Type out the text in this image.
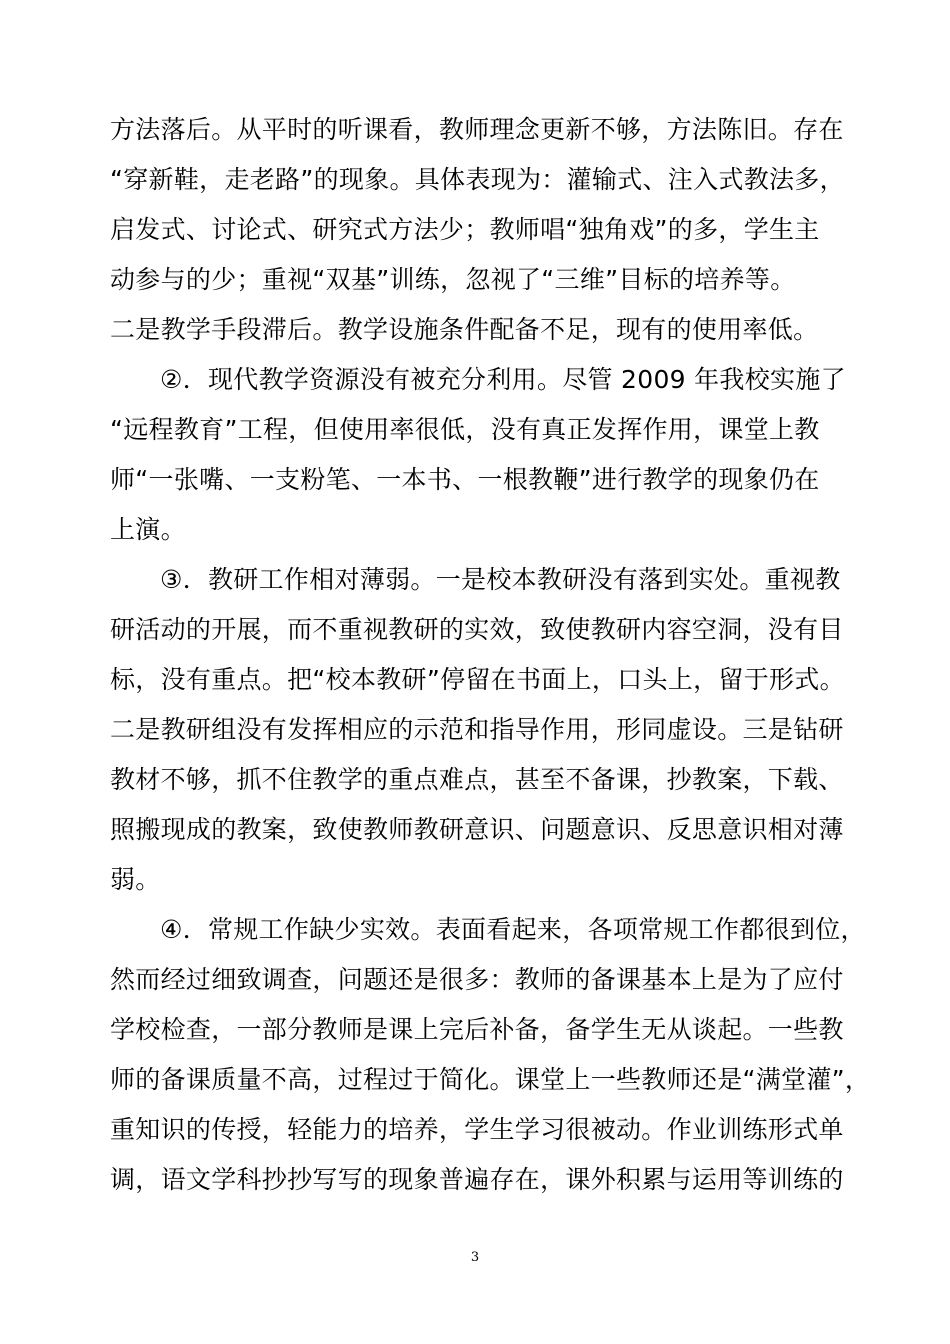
方法落后。从平时的听课看，教师理念更新不够，方法陈旧。存在
“穿新鞋，走老路”的现象。具体表现为：灌输式、注入式教法多，
启发式、讨论式、研究式方法少；教师唱“独角戏”的多，学生主
动参与的少；重视“双基”训练，忽视了“三维”目标的培养等。
二是教学手段滞后。教学设施条件配备不足，现有的使用率低。
②．现代教学资源没有被充分利用。尽管 2009 年我校实施了
“远程教育”工程，但使用率很低，没有真正发挥作用，课堂上教
师“一张嘴、一支粉笔、一本书、一根教鞭”进行教学的现象仍在
上演。
③．教研工作相对薄弱。一是校本教研没有落到实处。重视教
研活动的开展，而不重视教研的实效，致使教研内容空洞，没有目
标，没有重点。把“校本教研”停留在书面上，口头上，留于形式。
二是教研组没有发挥相应的示范和指导作用，形同虚设。三是钻研
教材不够，抓不住教学的重点难点，甚至不备课，抄教案，下载、
照搬现成的教案，致使教师教研意识、问题意识、反思意识相对薄
弱。
④．常规工作缺少实效。表面看起来，各项常规工作都很到位，
然而经过细致调查，问题还是很多：教师的备课基本上是为了应付
学校检查，一部分教师是课上完后补备，备学生无从谈起。一些教
师的备课质量不高，过程过于简化。课堂上一些教师还是“满堂灌”，
重知识的传授，轻能力的培养，学生学习很被动。作业训练形式单
调，语文学科抄抄写写的现象普遍存在，课外积累与运用等训练的
3
